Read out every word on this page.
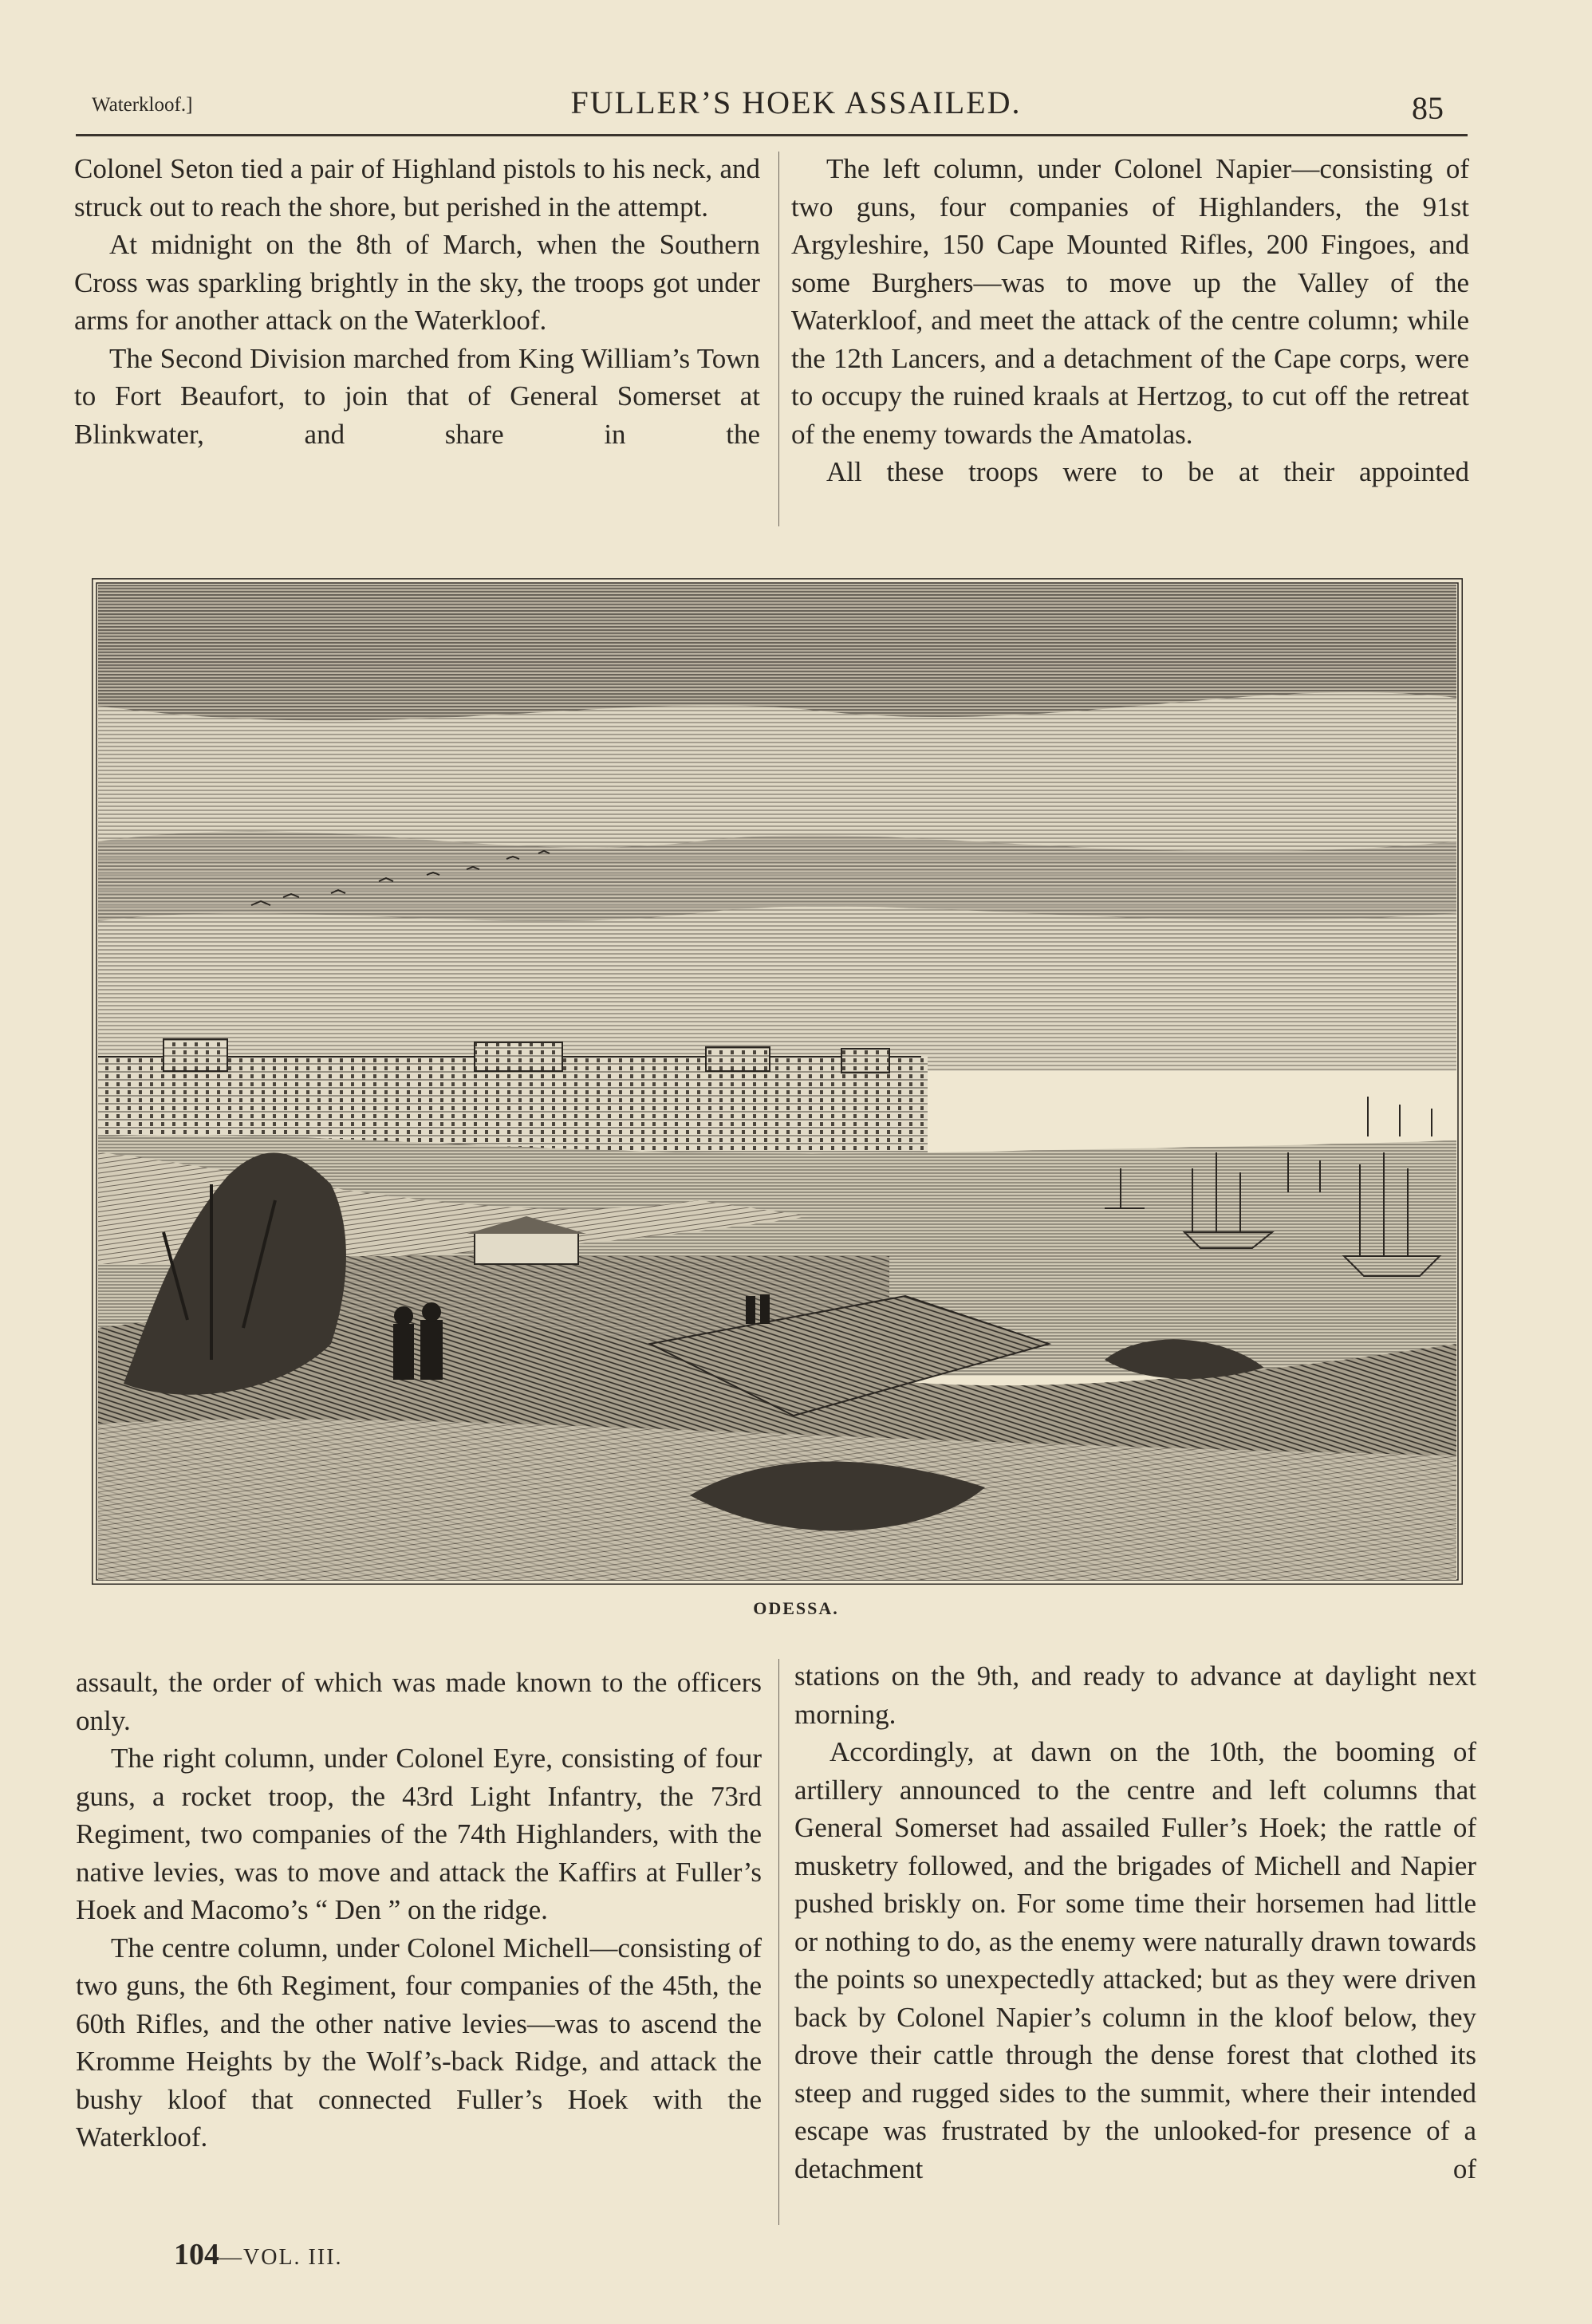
Waterkloof.]	FULLER’S HOEK ASSAILED.	85

Colonel Seton tied a pair of Highland pistols to his neck, and struck out to reach the shore, but perished in the attempt.

At midnight on the 8th of March, when the Southern Cross was sparkling brightly in the sky, the troops got under arms for another attack on the Waterkloof.

The Second Division marched from King William’s Town to Fort Beaufort, to join that of General Somerset at Blinkwater, and share in the

The left column, under Colonel Napier—consisting of two guns, four companies of Highlanders, the 91st Argyleshire, 150 Cape Mounted Rifles, 200 Fingoes, and some Burghers—was to move up the Valley of the Waterkloof, and meet the attack of the centre column; while the 12th Lancers, and a detachment of the Cape corps, were to occupy the ruined kraals at Hertzog, to cut off the retreat of the enemy towards the Amatolas.

All these troops were to be at their appointed

ODESSA.

assault, the order of which was made known to the officers only.

The right column, under Colonel Eyre, consisting of four guns, a rocket troop, the 43rd Light Infantry, the 73rd Regiment, two companies of the 74th Highlanders, with the native levies, was to move and attack the Kaffirs at Fuller’s Hoek and Macomo’s “ Den ” on the ridge.

The centre column, under Colonel Michell—consisting of two guns, the 6th Regiment, four companies of the 45th, the 60th Rifles, and the other native levies—was to ascend the Kromme Heights by the Wolf’s-back Ridge, and attack the bushy kloof that connected Fuller’s Hoek with the Waterkloof.

stations on the 9th, and ready to advance at daylight next morning.

Accordingly, at dawn on the 10th, the booming of artillery announced to the centre and left columns that General Somerset had assailed Fuller’s Hoek; the rattle of musketry followed, and the brigades of Michell and Napier pushed briskly on. For some time their horsemen had little or nothing to do, as the enemy were naturally drawn towards the points so unexpectedly attacked; but as they were driven back by Colonel Napier’s column in the kloof below, they drove their cattle through the dense forest that clothed its steep and rugged sides to the summit, where their intended escape was frustrated by the unlooked-for presence of a detachment of

104—VOL. III.
